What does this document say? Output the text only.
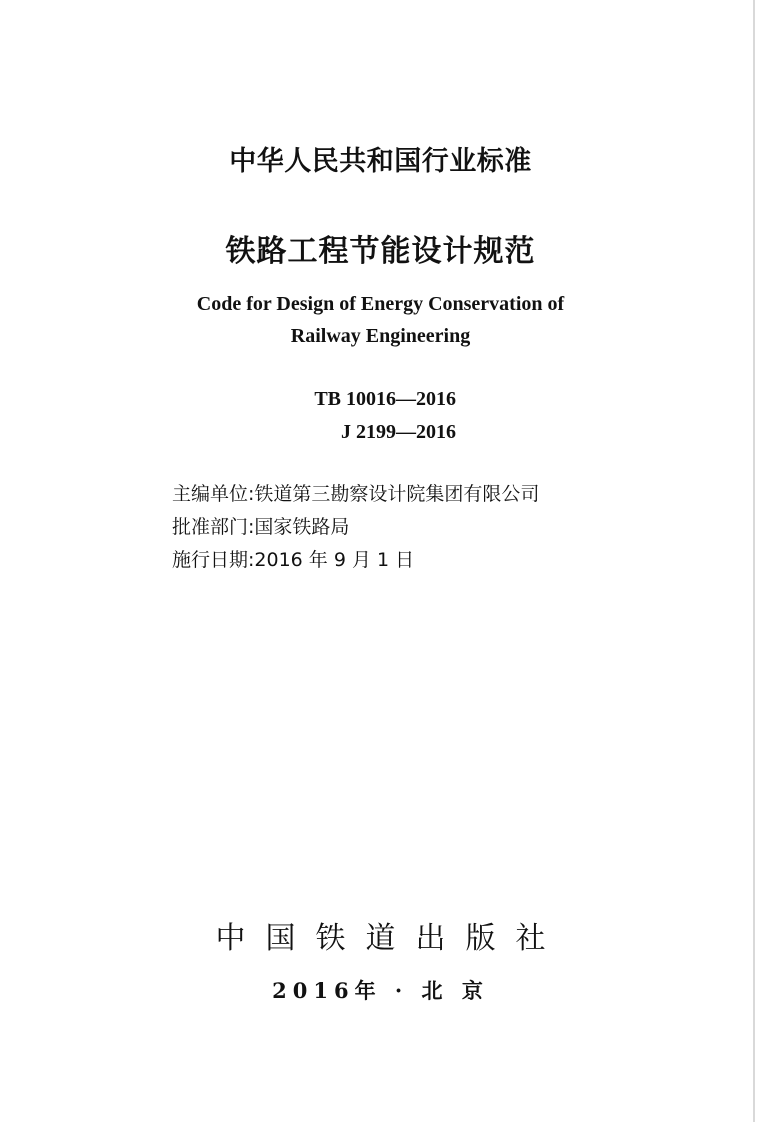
中华人民共和国行业标准
铁路工程节能设计规范
Code for Design of Energy Conservation of
Railway Engineering
TB 10016—2016
J 2199—2016
主编单位:铁道第三勘察设计院集团有限公司
批准部门:国家铁路局
施行日期:2016 年 9 月 1 日
中国铁道出版社
2016年 · 北 京
